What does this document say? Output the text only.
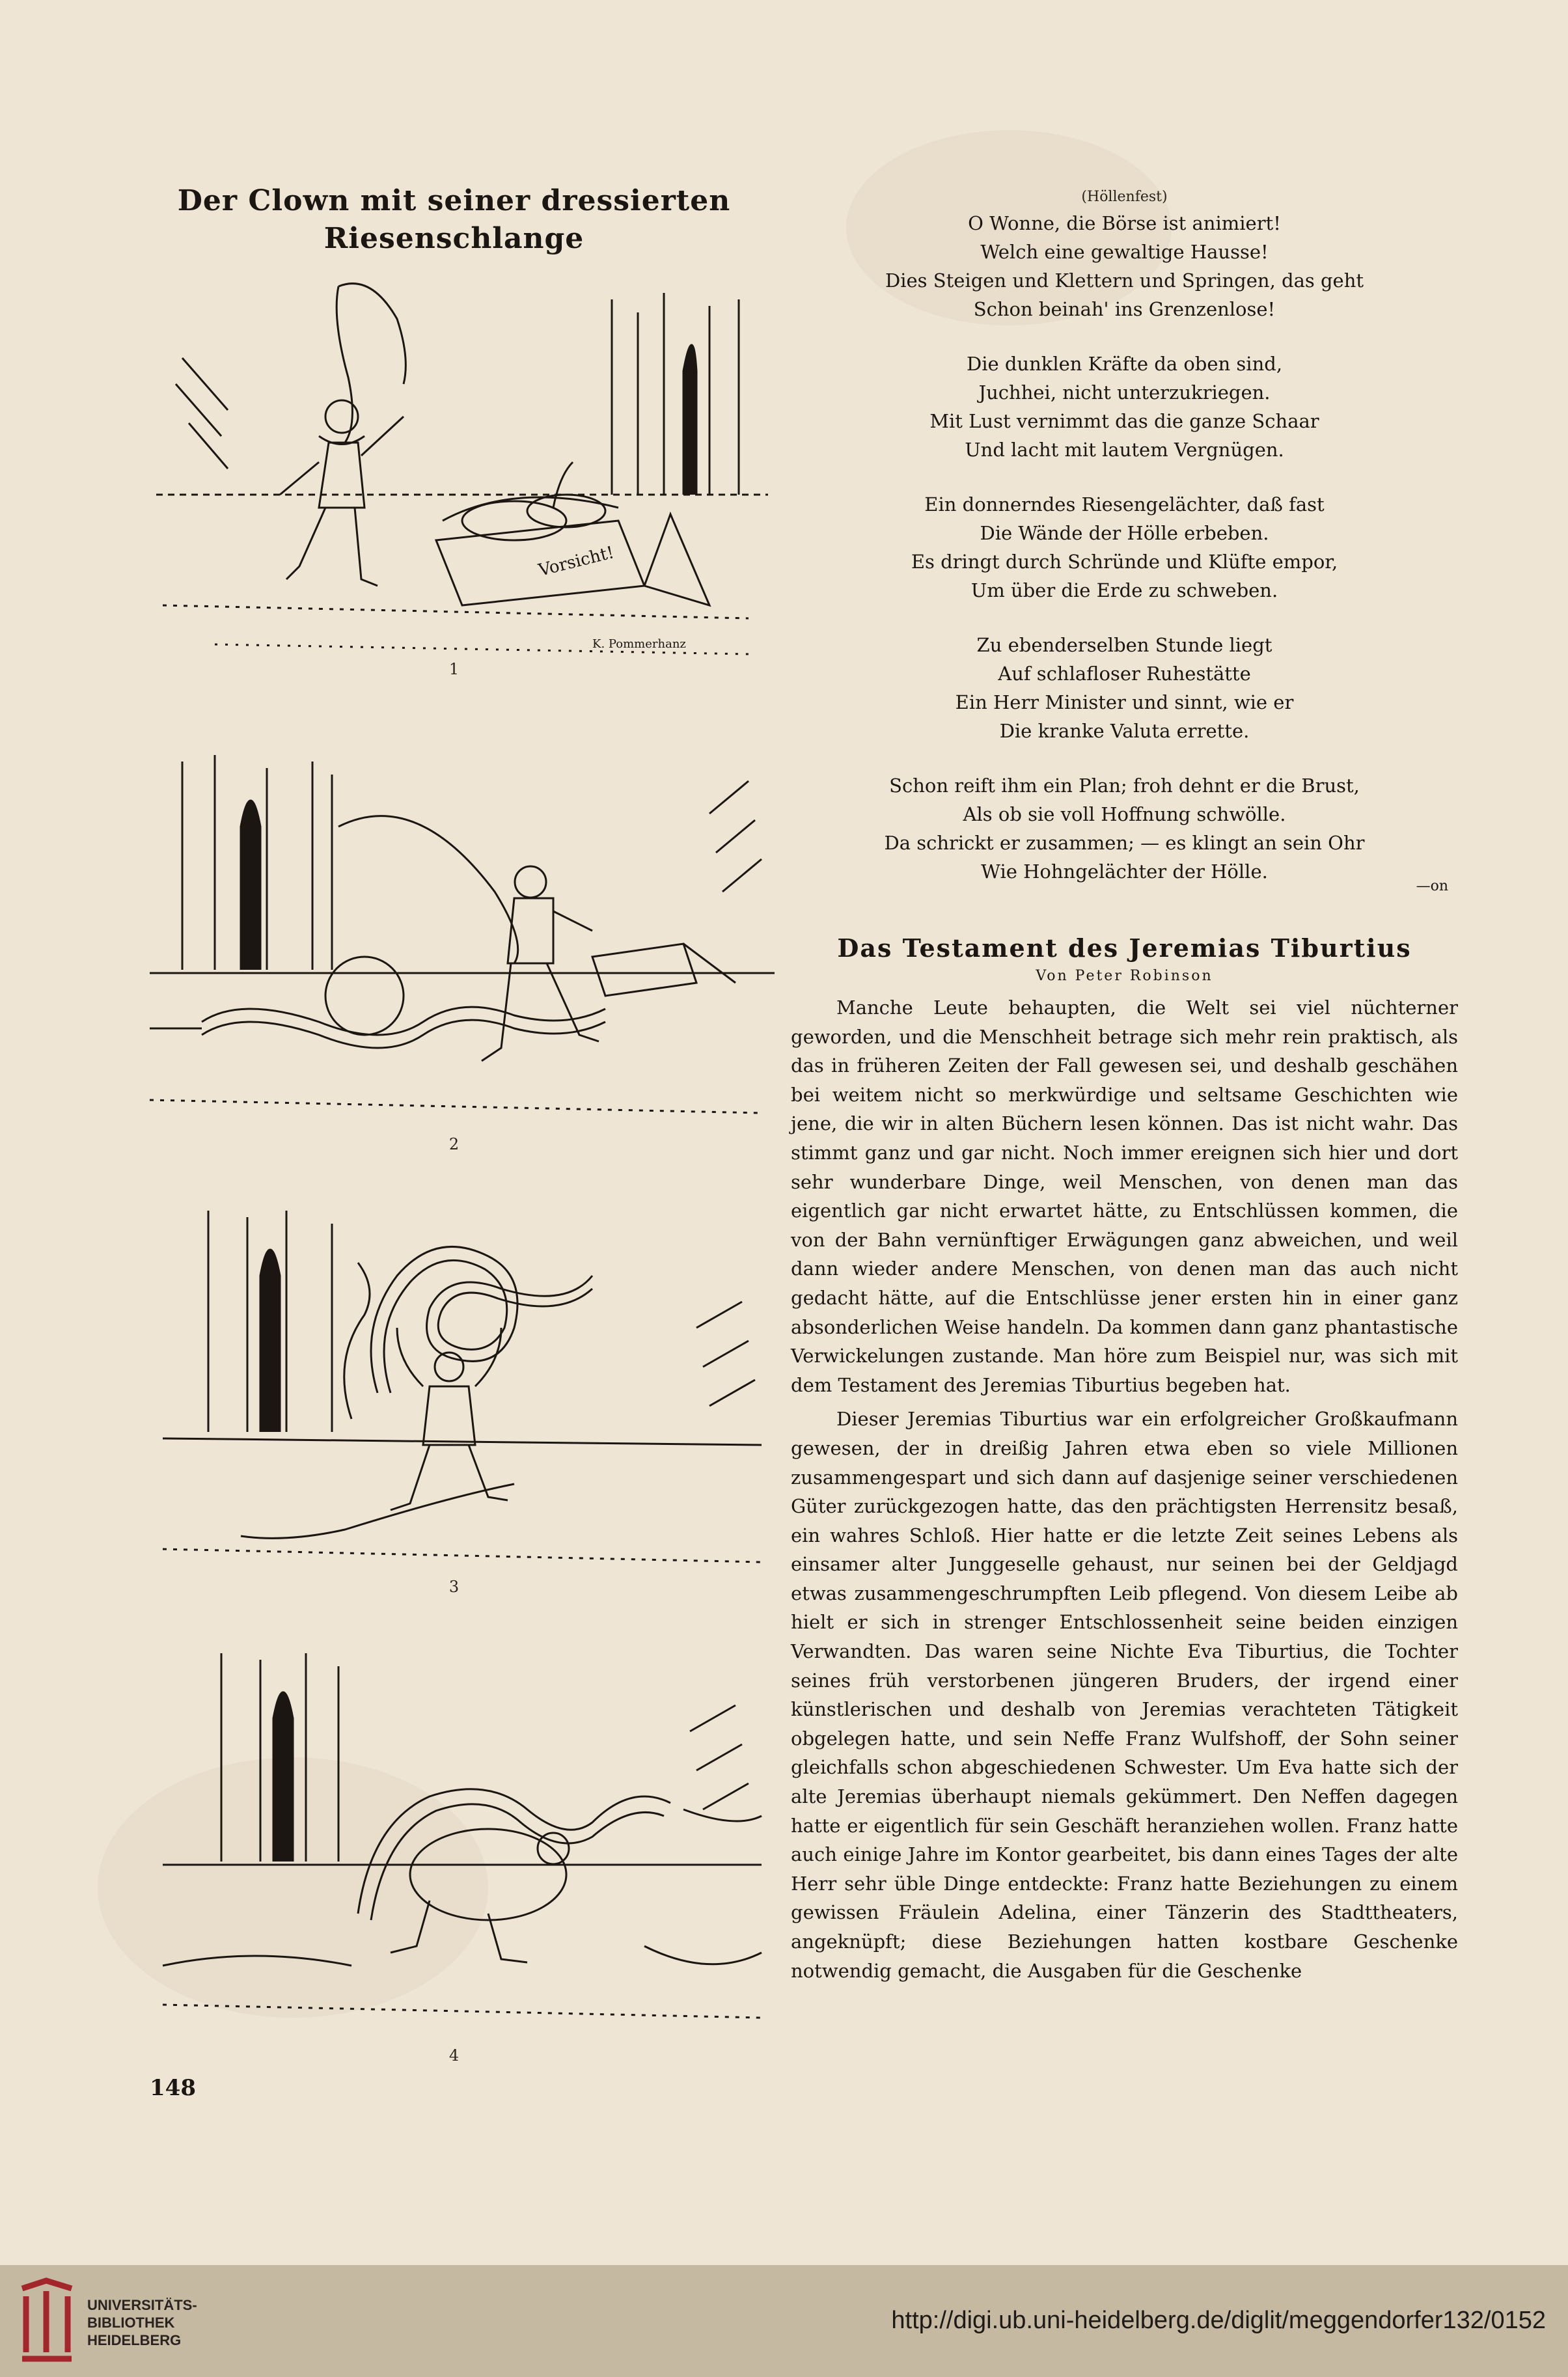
Der Clown mit seiner dressierten
Riesenschlange
Vorsicht!
K. Pommerhanz
1
2
3
4
(Höllenfest)
O Wonne, die Börse ist animiert!
Welch eine gewaltige Hausse!
Dies Steigen und Klettern und Springen, das geht
Schon beinah' ins Grenzenlose!
Die dunklen Kräfte da oben sind,
Juchhei, nicht unterzukriegen.
Mit Lust vernimmt das die ganze Schaar
Und lacht mit lautem Vergnügen.
Ein donnerndes Riesengelächter, daß fast
Die Wände der Hölle erbeben.
Es dringt durch Schründe und Klüfte empor,
Um über die Erde zu schweben.
Zu ebenderselben Stunde liegt
Auf schlafloser Ruhestätte
Ein Herr Minister und sinnt, wie er
Die kranke Valuta errette.
Schon reift ihm ein Plan; froh dehnt er die Brust,
Als ob sie voll Hoffnung schwölle.
Da schrickt er zusammen; — es klingt an sein Ohr
Wie Hohngelächter der Hölle.
—on
Das Testament des Jeremias Tiburtius
Von Peter Robinson

Manche Leute behaupten, die Welt sei viel nüchterner geworden, und die Menschheit betrage sich mehr rein praktisch, als das in früheren Zeiten der Fall gewesen sei, und deshalb geschähen bei weitem nicht so merkwürdige und seltsame Geschichten wie jene, die wir in alten Büchern lesen können. Das ist nicht wahr. Das stimmt ganz und gar nicht. Noch immer ereignen sich hier und dort sehr wunderbare Dinge, weil Menschen, von denen man das eigentlich gar nicht erwartet hätte, zu Entschlüssen kommen, die von der Bahn vernünftiger Erwägungen ganz abweichen, und weil dann wieder andere Menschen, von denen man das auch nicht gedacht hätte, auf die Entschlüsse jener ersten hin in einer ganz absonderlichen Weise handeln. Da kommen dann ganz phantastische Verwickelungen zustande. Man höre zum Beispiel nur, was sich mit dem Testament des Jeremias Tiburtius begeben hat.

Dieser Jeremias Tiburtius war ein erfolgreicher Großkaufmann gewesen, der in dreißig Jahren etwa eben so viele Millionen zusammengespart und sich dann auf dasjenige seiner verschiedenen Güter zurückgezogen hatte, das den prächtigsten Herrensitz besaß, ein wahres Schloß. Hier hatte er die letzte Zeit seines Lebens als einsamer alter Junggeselle gehaust, nur seinen bei der Geldjagd etwas zusammengeschrumpften Leib pflegend. Von diesem Leibe ab hielt er sich in strenger Entschlossenheit seine beiden einzigen Verwandten. Das waren seine Nichte Eva Tiburtius, die Tochter seines früh verstorbenen jüngeren Bruders, der irgend einer künstlerischen und deshalb von Jeremias verachteten Tätigkeit obgelegen hatte, und sein Neffe Franz Wulfshoff, der Sohn seiner gleichfalls schon abgeschiedenen Schwester. Um Eva hatte sich der alte Jeremias überhaupt niemals gekümmert. Den Neffen dagegen hatte er eigentlich für sein Geschäft heranziehen wollen. Franz hatte auch einige Jahre im Kontor gearbeitet, bis dann eines Tages der alte Herr sehr üble Dinge entdeckte: Franz hatte Beziehungen zu einem gewissen Fräulein Adelina, einer Tänzerin des Stadttheaters, angeknüpft; diese Beziehungen hatten kostbare Geschenke notwendig gemacht, die Ausgaben für die Geschenke

148
UNIVERSITÄTS-
BIBLIOTHEK
HEIDELBERG
http://digi.ub.uni-heidelberg.de/diglit/meggendorfer132/0152
